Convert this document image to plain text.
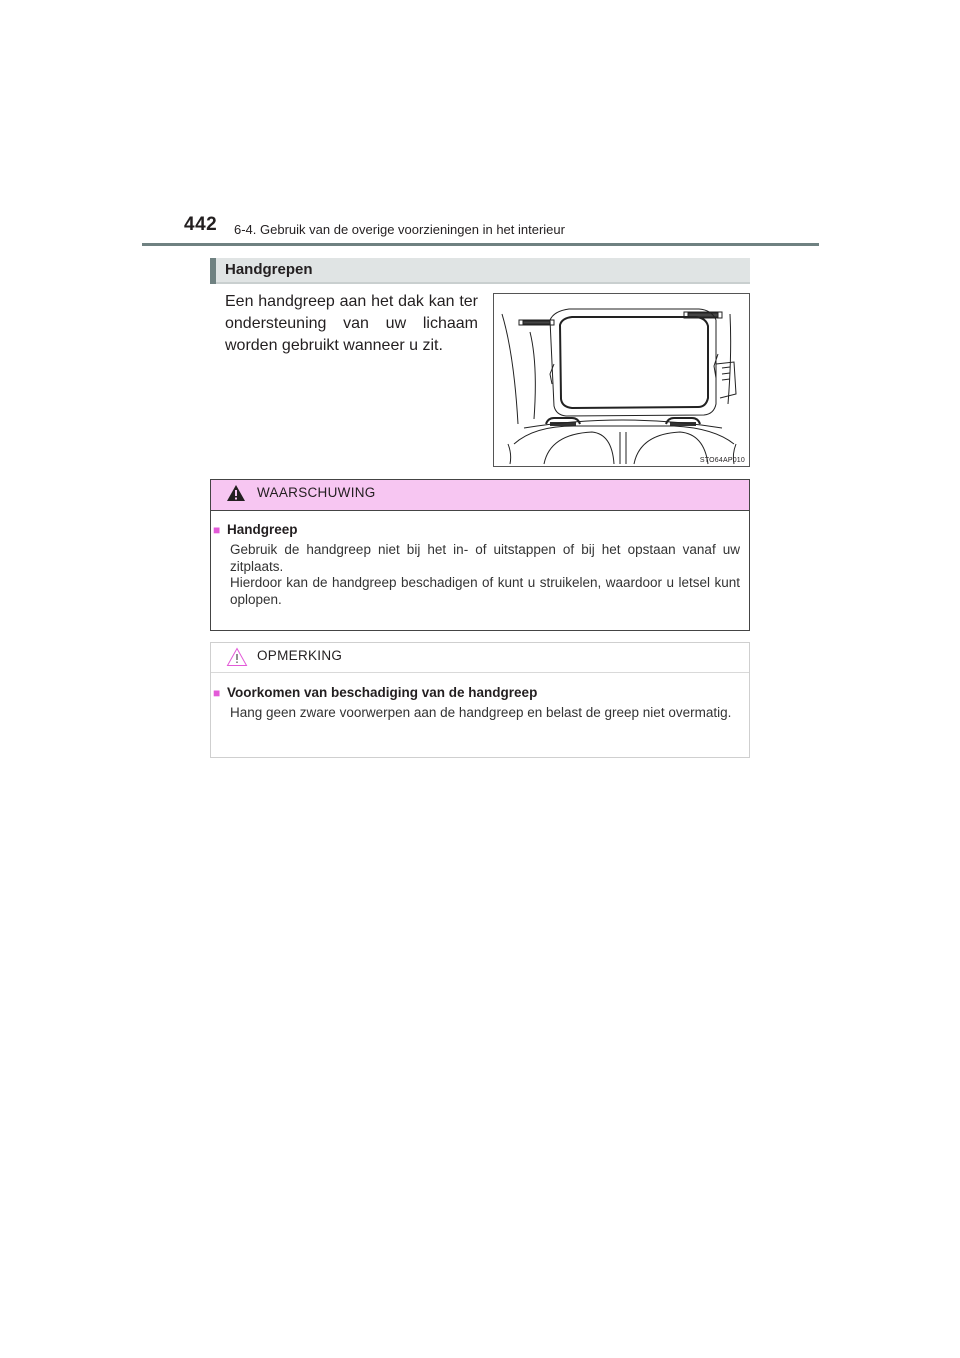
442 6-4. Gebruik van de overige voorzieningen in het interieur
Handgrepen
Een handgreep aan het dak kan ter ondersteuning van uw lichaam worden gebruikt wanneer u zit.
STO64AP010
WAARSCHUWING
■ Handgreep

Gebruik de handgreep niet bij het in- of uitstappen of bij het opstaan vanaf uw zitplaats.

Hierdoor kan de handgreep beschadigen of kunt u struikelen, waardoor u letsel kunt oplopen.

OPMERKING
■ Voorkomen van beschadiging van de handgreep

Hang geen zware voorwerpen aan de handgreep en belast de greep niet overmatig.
